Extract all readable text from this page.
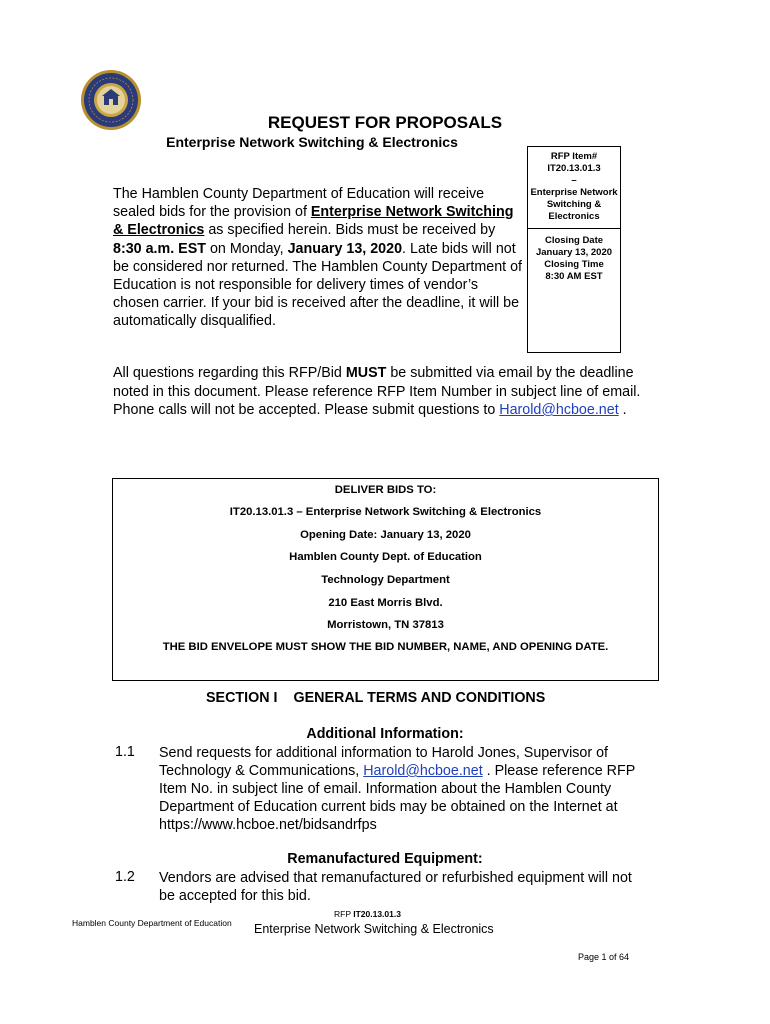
REQUEST FOR PROPOSALS
Enterprise Network Switching & Electronics
The Hamblen County Department of Education will receive sealed bids for the provision of Enterprise Network Switching & Electronics as specified herein. Bids must be received by 8:30 a.m. EST on Monday, January 13, 2020. Late bids will not be considered nor returned. The Hamblen County Department of Education is not responsible for delivery times of vendor’s chosen carrier. If your bid is received after the deadline, it will be automatically disqualified.
RFP Item#
IT20.13.01.3
–
Enterprise Network Switching & Electronics
Closing Date
January 13, 2020
Closing Time
8:30 AM EST
All questions regarding this RFP/Bid MUST be submitted via email by the deadline noted in this document. Please reference RFP Item Number in subject line of email. Phone calls will not be accepted. Please submit questions to Harold@hcboe.net .
DELIVER BIDS TO:
IT20.13.01.3 – Enterprise Network Switching & Electronics
Opening Date: January 13, 2020
Hamblen County Dept. of Education
Technology Department
210 East Morris Blvd.
Morristown, TN 37813
THE BID ENVELOPE MUST SHOW THE BID NUMBER, NAME, AND OPENING DATE.
SECTION I GENERAL TERMS AND CONDITIONS
Additional Information:
1.1 Send requests for additional information to Harold Jones, Supervisor of Technology & Communications, Harold@hcboe.net . Please reference RFP Item No. in subject line of email. Information about the Hamblen County Department of Education current bids may be obtained on the Internet at https://www.hcboe.net/bidsandrfps
Remanufactured Equipment:
1.2 Vendors are advised that remanufactured or refurbished equipment will not be accepted for this bid.
Hamblen County Department of Education
RFP IT20.13.01.3
Enterprise Network Switching & Electronics
Page 1 of 64
